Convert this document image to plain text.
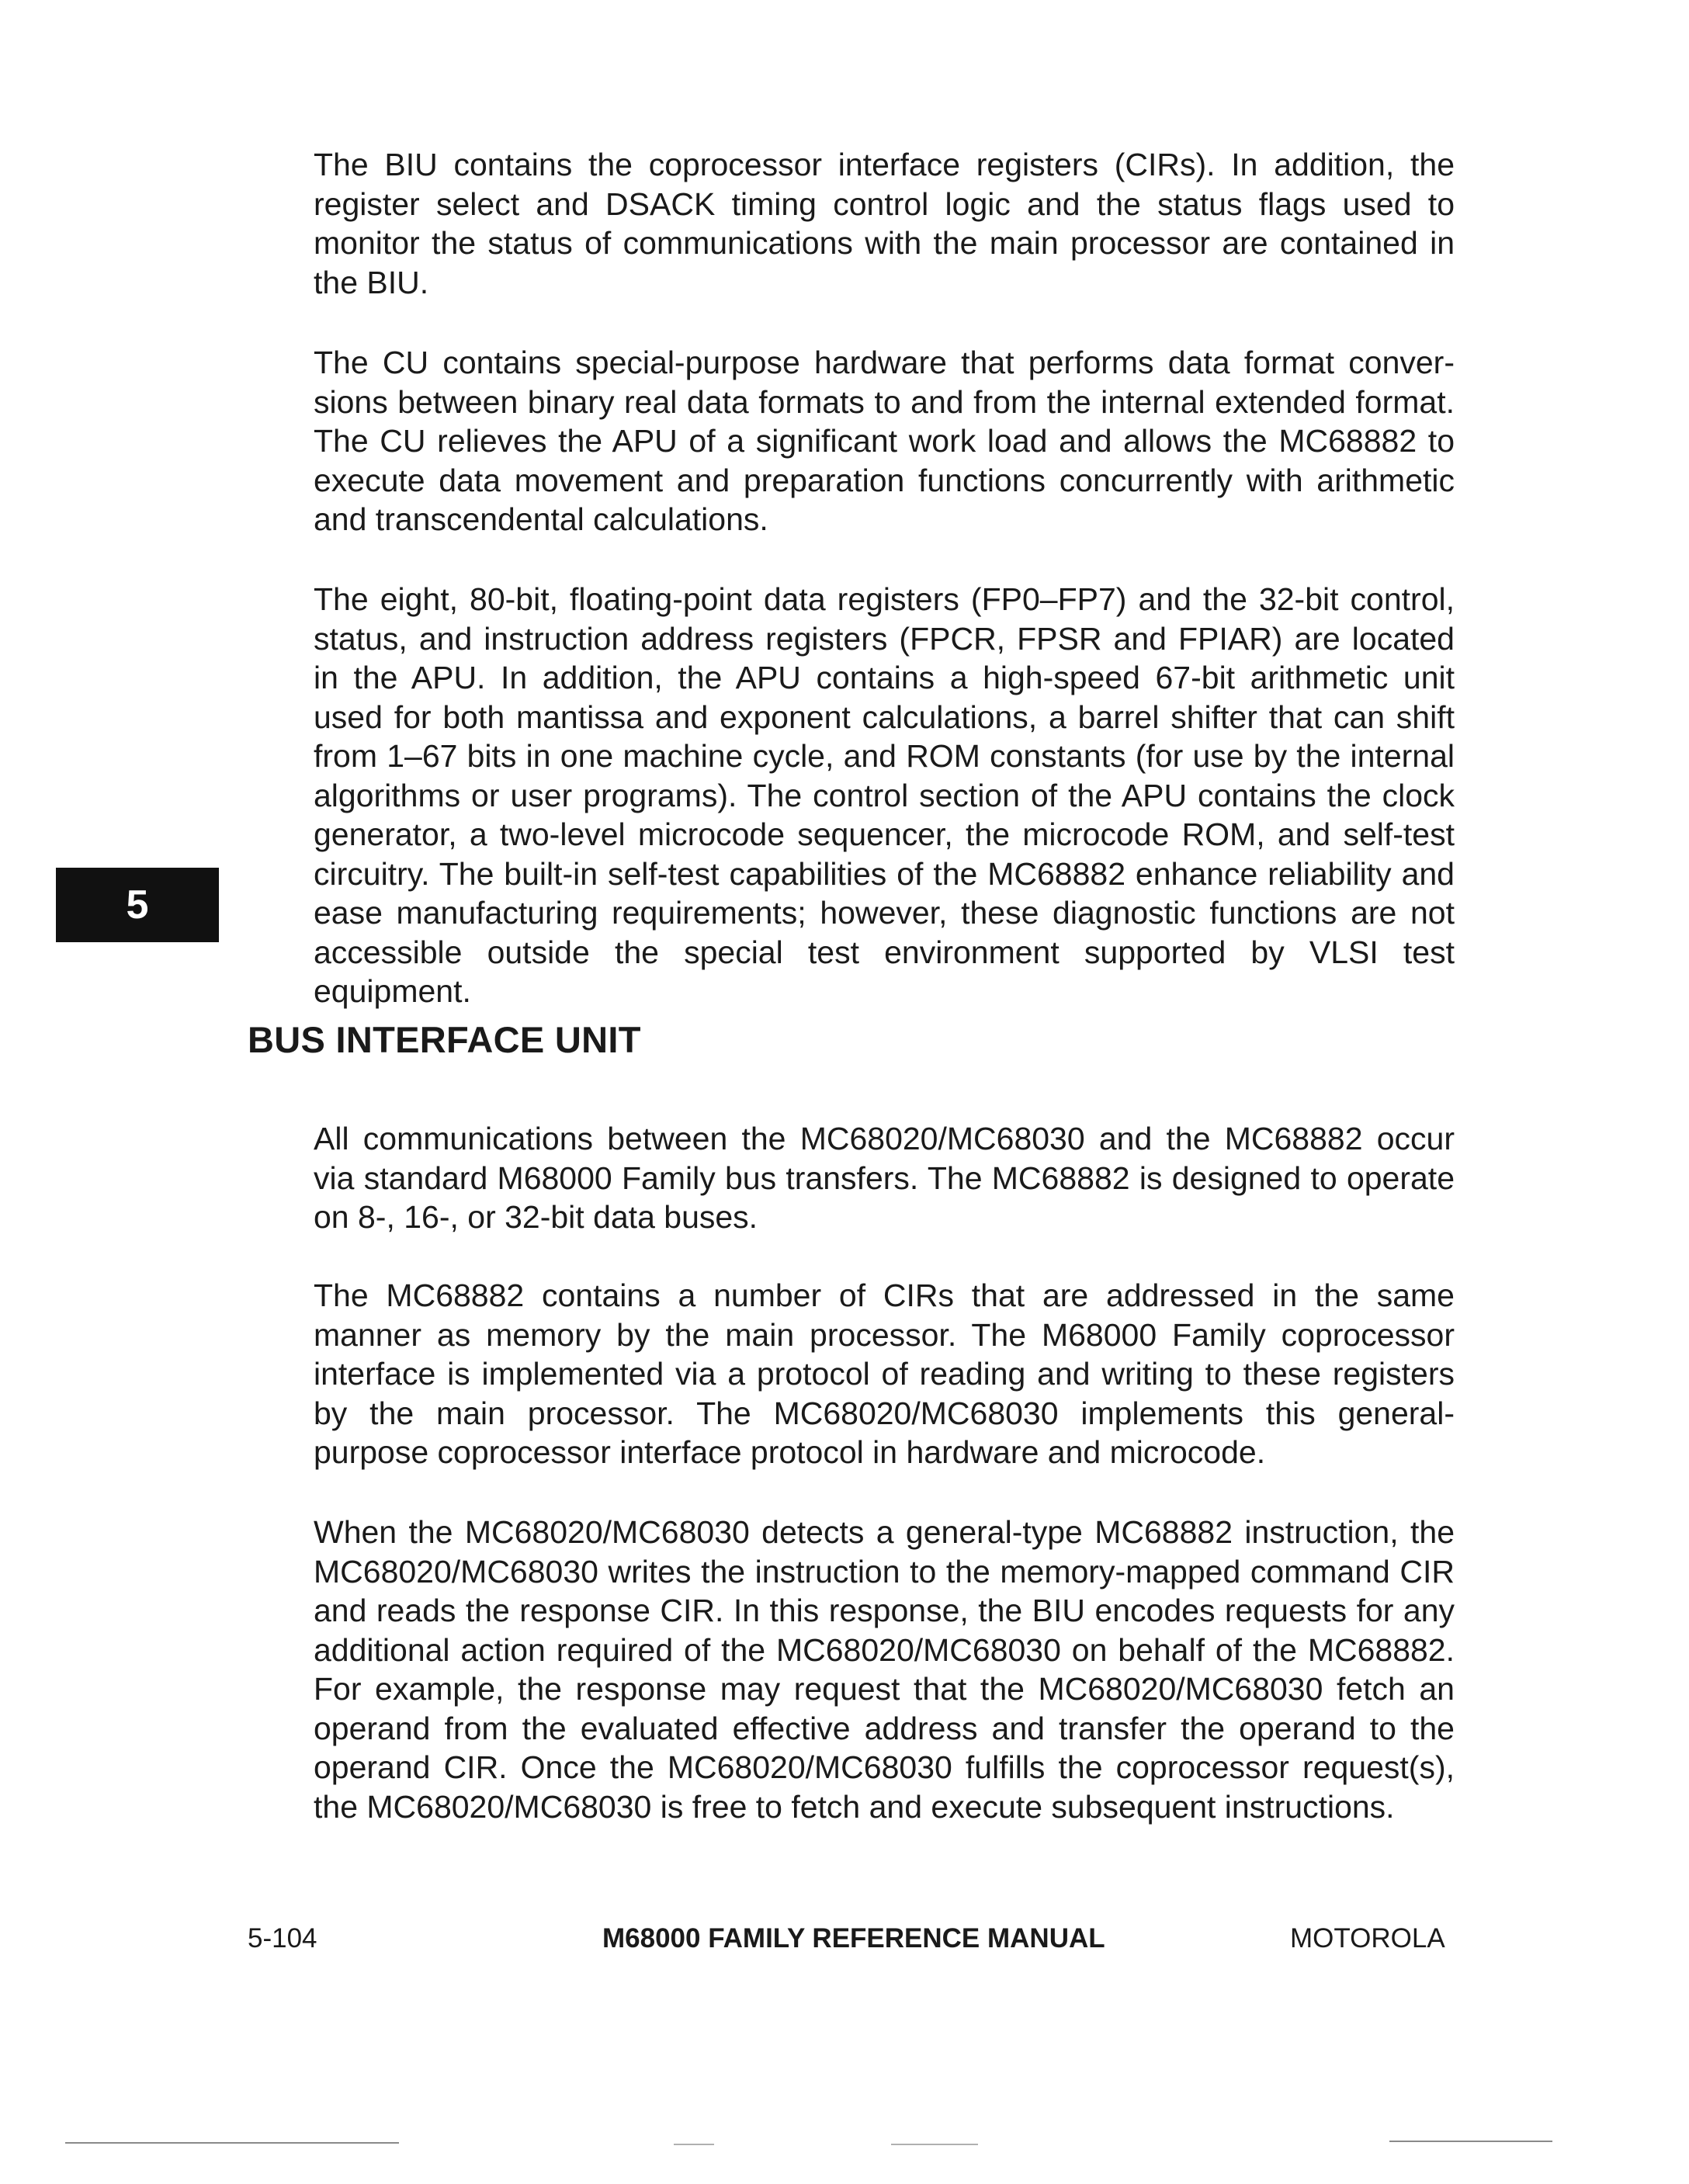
The BIU contains the coprocessor interface registers (CIRs). In addition, the register select and DSACK timing control logic and the status flags used to monitor the status of communications with the main processor are contained in the BIU.

The CU contains special-purpose hardware that performs data format conversions between binary real data formats to and from the internal extended format. The CU relieves the APU of a significant work load and allows the MC68882 to execute data movement and preparation functions concurrently with arithmetic and transcendental calculations.

The eight, 80-bit, floating-point data registers (FP0–FP7) and the 32-bit control, status, and instruction address registers (FPCR, FPSR and FPIAR) are located in the APU. In addition, the APU contains a high-speed 67-bit arithmetic unit used for both mantissa and exponent calculations, a barrel shifter that can shift from 1–67 bits in one machine cycle, and ROM constants (for use by the internal algorithms or user programs). The control section of the APU contains the clock generator, a two-level microcode sequencer, the microcode ROM, and self-test circuitry. The built-in self-test capabilities of the MC68882 enhance reliability and ease manufacturing requirements; however, these diagnostic functions are not accessible outside the special test environment supported by VLSI test equipment.

5
BUS INTERFACE UNIT

All communications between the MC68020/MC68030 and the MC68882 occur via standard M68000 Family bus transfers. The MC68882 is designed to operate on 8-, 16-, or 32-bit data buses.

The MC68882 contains a number of CIRs that are addressed in the same manner as memory by the main processor. The M68000 Family coprocessor interface is implemented via a protocol of reading and writing to these registers by the main processor. The MC68020/MC68030 implements this general-purpose coprocessor interface protocol in hardware and microcode.

When the MC68020/MC68030 detects a general-type MC68882 instruction, the MC68020/MC68030 writes the instruction to the memory-mapped command CIR and reads the response CIR. In this response, the BIU encodes requests for any additional action required of the MC68020/MC68030 on behalf of the MC68882. For example, the response may request that the MC68020/MC68030 fetch an operand from the evaluated effective address and transfer the operand to the operand CIR. Once the MC68020/MC68030 fulfills the coprocessor request(s), the MC68020/MC68030 is free to fetch and execute subsequent instructions.

5-104	M68000 FAMILY REFERENCE MANUAL	MOTOROLA
